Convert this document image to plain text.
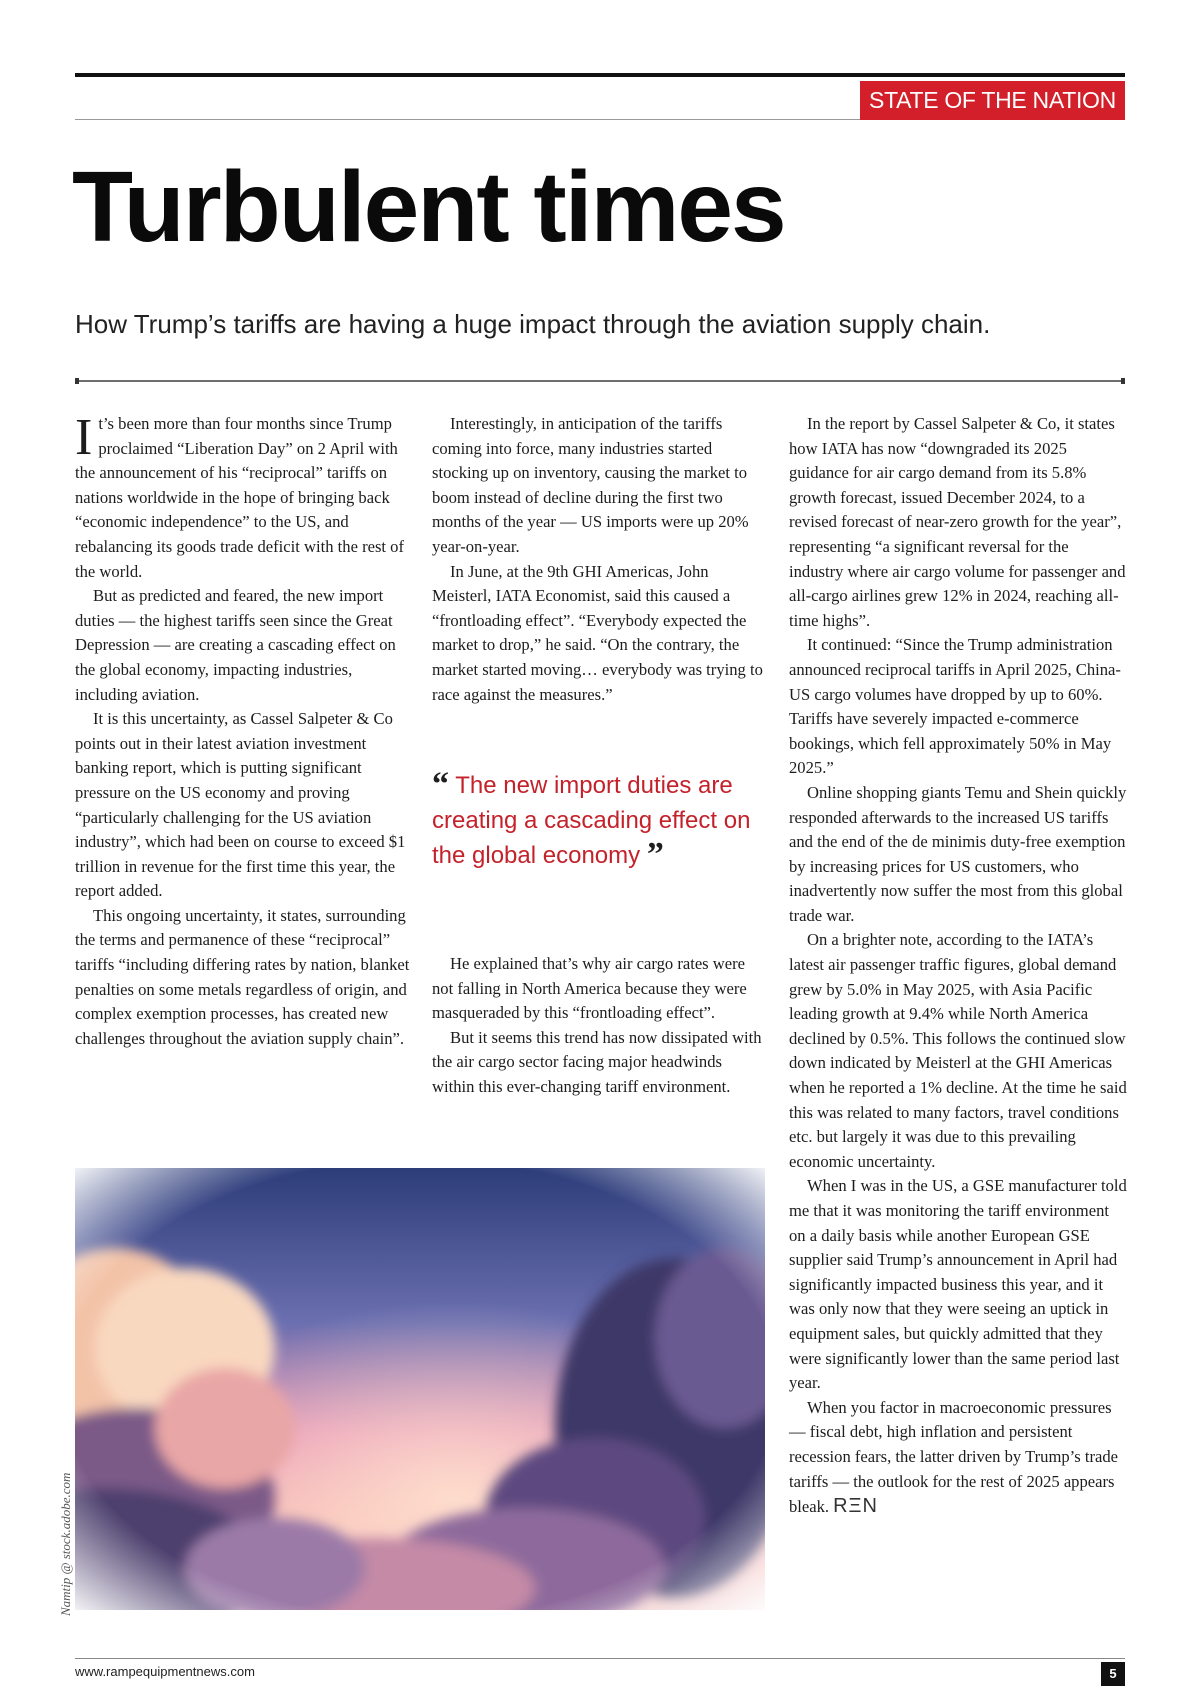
STATE OF THE NATION
Turbulent times

How Trump’s tariffs are having a huge impact through the aviation supply chain.

It’s been more than four months since Trump proclaimed “Liberation Day” on 2 April with the announcement of his “reciprocal” tariffs on nations worldwide in the hope of bringing back “economic independence” to the US, and rebalancing its goods trade deficit with the rest of the world.

But as predicted and feared, the new import duties — the highest tariffs seen since the Great Depression — are creating a cascading effect on the global economy, impacting industries, including aviation.

It is this uncertainty, as Cassel Salpeter & Co points out in their latest aviation investment banking report, which is putting significant pressure on the US economy and proving “particularly challenging for the US aviation industry”, which had been on course to exceed $1 trillion in revenue for the first time this year, the report added.

This ongoing uncertainty, it states, surrounding the terms and permanence of these “reciprocal” tariffs “including differing rates by nation, blanket penalties on some metals regardless of origin, and complex exemption processes, has created new challenges throughout the aviation supply chain”.

Interestingly, in anticipation of the tariffs coming into force, many industries started stocking up on inventory, causing the market to boom instead of decline during the first two months of the year — US imports were up 20% year-on-year.

In June, at the 9th GHI Americas, John Meisterl, IATA Economist, said this caused a “frontloading effect”. “Everybody expected the market to drop,” he said. “On the contrary, the market started moving… everybody was trying to race against the measures.”

“ The new import duties are creating a cascading effect on the global economy ”

He explained that’s why air cargo rates were not falling in North America because they were masqueraded by this “frontloading effect”.

But it seems this trend has now dissipated with the air cargo sector facing major headwinds within this ever-changing tariff environment.

In the report by Cassel Salpeter & Co, it states how IATA has now “downgraded its 2025 guidance for air cargo demand from its 5.8% growth forecast, issued December 2024, to a revised forecast of near-zero growth for the year”, representing “a significant reversal for the industry where air cargo volume for passenger and all-cargo airlines grew 12% in 2024, reaching all-time highs”.

It continued: “Since the Trump administration announced reciprocal tariffs in April 2025, China-US cargo volumes have dropped by up to 60%. Tariffs have severely impacted e-commerce bookings, which fell approximately 50% in May 2025.”

Online shopping giants Temu and Shein quickly responded afterwards to the increased US tariffs and the end of the de minimis duty-free exemption by increasing prices for US customers, who inadvertently now suffer the most from this global trade war.

On a brighter note, according to the IATA’s latest air passenger traffic figures, global demand grew by 5.0% in May 2025, with Asia Pacific leading growth at 9.4% while North America declined by 0.5%. This follows the continued slow down indicated by Meisterl at the GHI Americas when he reported a 1% decline. At the time he said this was related to many factors, travel conditions etc. but largely it was due to this prevailing economic uncertainty.

When I was in the US, a GSE manufacturer told me that it was monitoring the tariff environment on a daily basis while another European GSE supplier said Trump’s announcement in April had significantly impacted business this year, and it was only now that they were seeing an uptick in equipment sales, but quickly admitted that they were significantly lower than the same period last year.

When you factor in macroeconomic pressures — fiscal debt, high inflation and persistent recession fears, the latter driven by Trump’s trade tariffs — the outlook for the rest of 2025 appears bleak. RΞN

Namtip @ stock.adobe.com
www.rampequipmentnews.com	5
